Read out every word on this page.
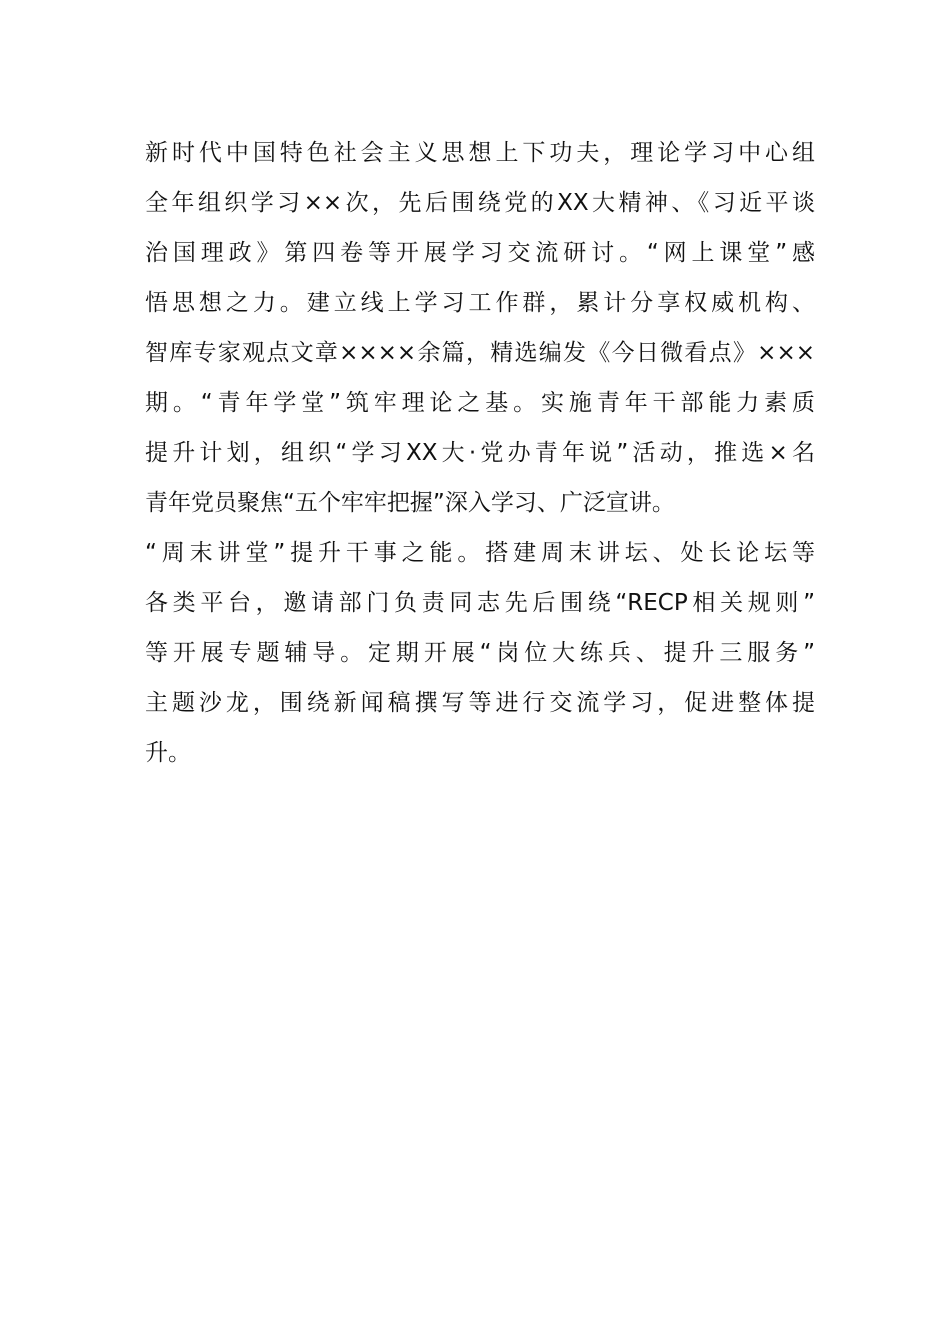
新时代中国特色社会主义思想上下功夫，理论学习中心组
全年组织学习××次，先后围绕党的XX大精神、《习近平谈
治国理政》第四卷等开展学习交流研讨。“网上课堂”感
悟思想之力。建立线上学习工作群，累计分享权威机构、
智库专家观点文章××××余篇，精选编发《今日微看点》×××
期。“青年学堂”筑牢理论之基。实施青年干部能力素质
提升计划，组织“学习XX大·党办青年说”活动，推选×名
青年党员聚焦“五个牢牢把握”深入学习、广泛宣讲。
“周末讲堂”提升干事之能。搭建周末讲坛、处长论坛等
各类平台，邀请部门负责同志先后围绕“RECP相关规则”
等开展专题辅导。定期开展“岗位大练兵、提升三服务”
主题沙龙，围绕新闻稿撰写等进行交流学习，促进整体提
升。
